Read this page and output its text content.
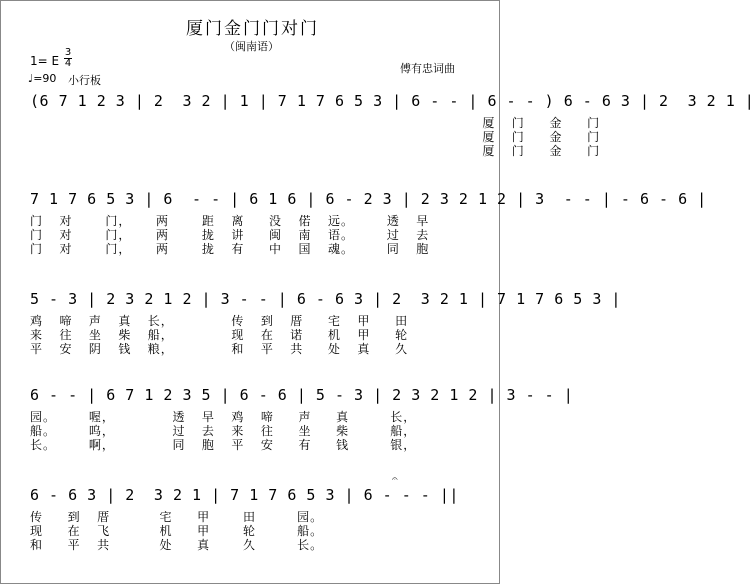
厦门金门门对门
（闽南语）
1= E
3
4	傅有忠词曲
♩=90 小行板
(6 7 1 2 3 | 2  3 2 | 1 | 7 1 7 6 5 3 | 6 - - | 6 - - ) 6 - 6 3 | 2  3 2 1 |
厦  门   金   门
厦  门   金   门
厦  门   金   门
7 1 7 6 5 3 | 6  - - | 6 1 6 | 6 - 2 3 | 2 3 2 1 2 | 3  - - | - 6 - 6 |
门  对    门，   两    距  离   没  偌  远。    透  早
门  对    门，   两    拢  讲   闽  南  语。    过  去
门  对    门，   两    拢  有   中  国  魂。    同  胞
5 - 3 | 2 3 2 1 2 | 3 - - | 6 - 6 3 | 2  3 2 1 | 7 1 7 6 5 3 |
鸡  啼  声  真  长，       传  到  厝   宅  甲   田
来  往  坐  柴  船，       现  在  诺   机  甲   轮
平  安  阴  钱  粮，       和  平  共   处  真   久
6 - - | 6 7 1 2 3 5 | 6 - 6 | 5 - 3 | 2 3 2 1 2 | 3 - - |
园。    喔，       透  早  鸡  啼   声   真     长，
船。    呜，       过  去  来  往   坐   柴     船，
长。    啊，       同  胞  平  安   有   钱     银，
6 - 6 3 | 2  3 2 1 | 7 1 7 6 5 3 | 6 - - - ||
传   到  厝      宅   甲    田     园。
现   在  飞      机   甲    轮     船。
和   平  共      处   真    久     长。
𝄐
